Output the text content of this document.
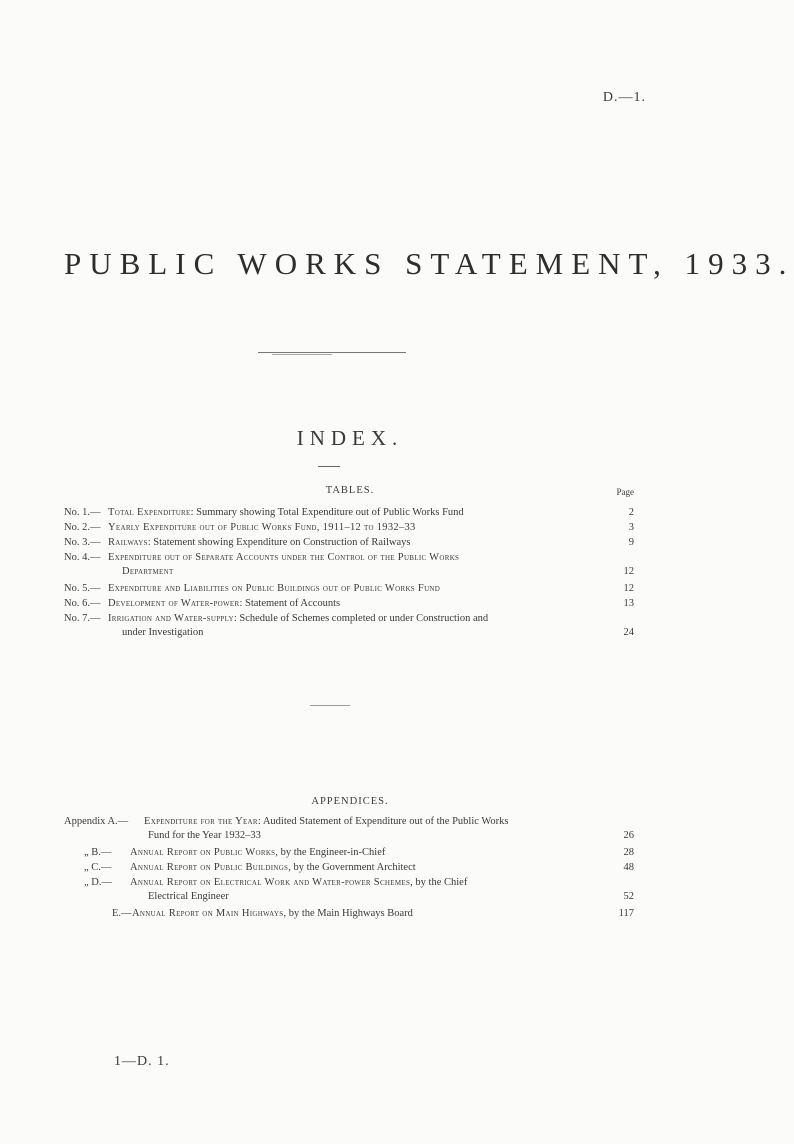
D.—1.
PUBLIC WORKS STATEMENT, 1933.
INDEX.
TABLES.	Page
No. 1.— Total Expenditure: Summary showing Total Expenditure out of Public Works Fund	2
No. 2.— Yearly Expenditure out of Public Works Fund, 1911–12 to 1932–33	3
No. 3.— Railways: Statement showing Expenditure on Construction of Railways	9
No. 4.— Expenditure out of Separate Accounts under the Control of the Public Works
Department	12
No. 5.— Expenditure and Liabilities on Public Buildings out of Public Works Fund	12
No. 6.— Development of Water-power: Statement of Accounts	13
No. 7.— Irrigation and Water-supply: Schedule of Schemes completed or under Construction and
under Investigation	24
APPENDICES.
Appendix A.— Expenditure for the Year: Audited Statement of Expenditure out of the Public Works
Fund for the Year 1932–33	26
„ B.— Annual Report on Public Works, by the Engineer-in-Chief	28
„ C.— Annual Report on Public Buildings, by the Government Architect	48
„ D.— Annual Report on Electrical Work and Water-power Schemes, by the Chief
Electrical Engineer	52
E.— Annual Report on Main Highways, by the Main Highways Board	117
1—D. 1.
